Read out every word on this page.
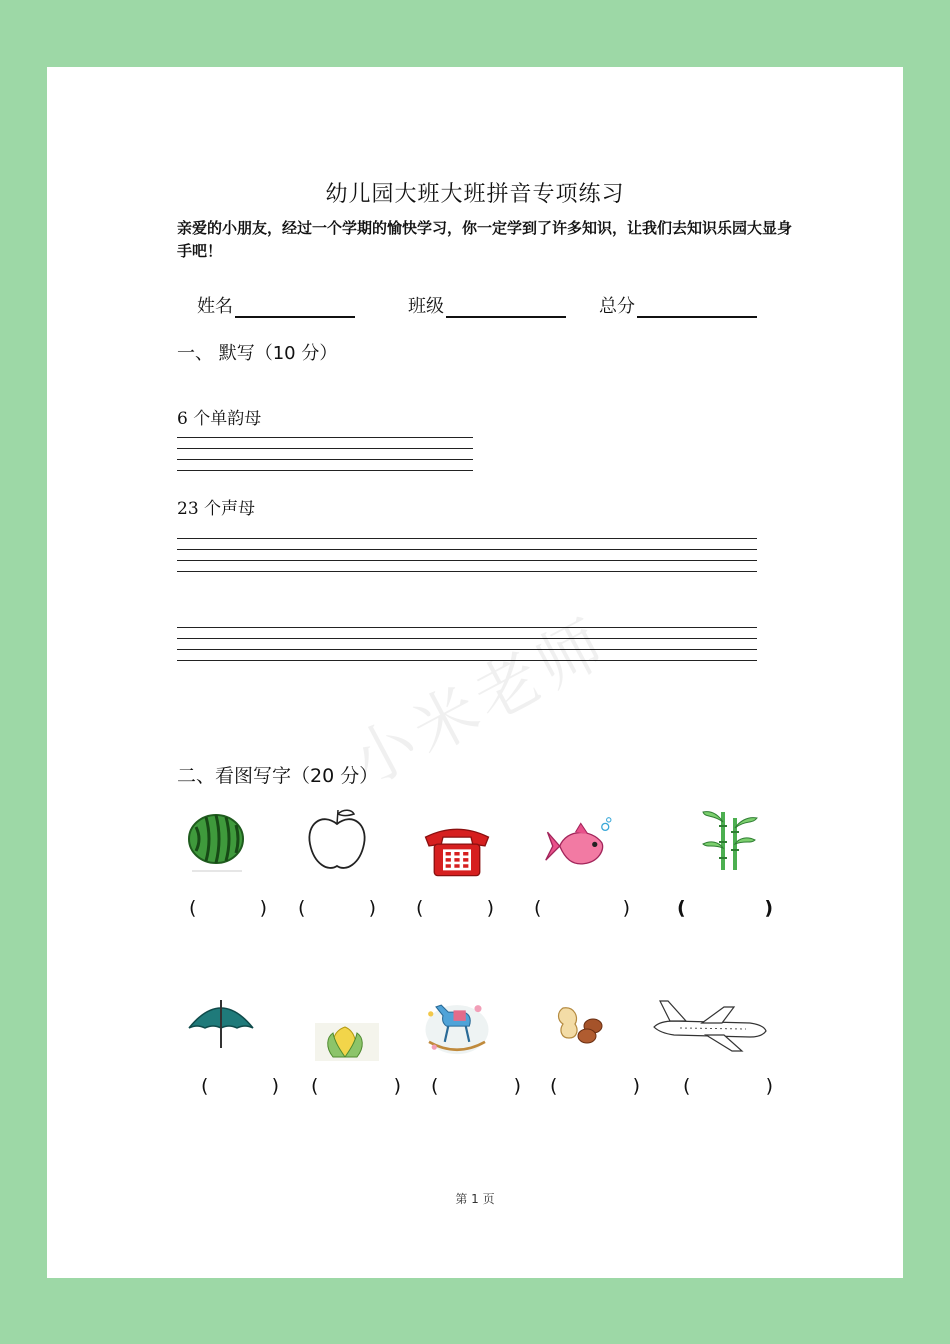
幼儿园大班大班拼音专项练习
亲爱的小朋友，经过一个学期的愉快学习，你一定学到了许多知识，让我们去知识乐园大显身手吧！
姓名	班级	总分
一、 默写（10 分）
6 个单韵母
23 个声母
小米老师
二、看图写字（20 分）
(	) (	) (	) (	) (	)
(	) (	) (	) (	) (	)
第 1 页
